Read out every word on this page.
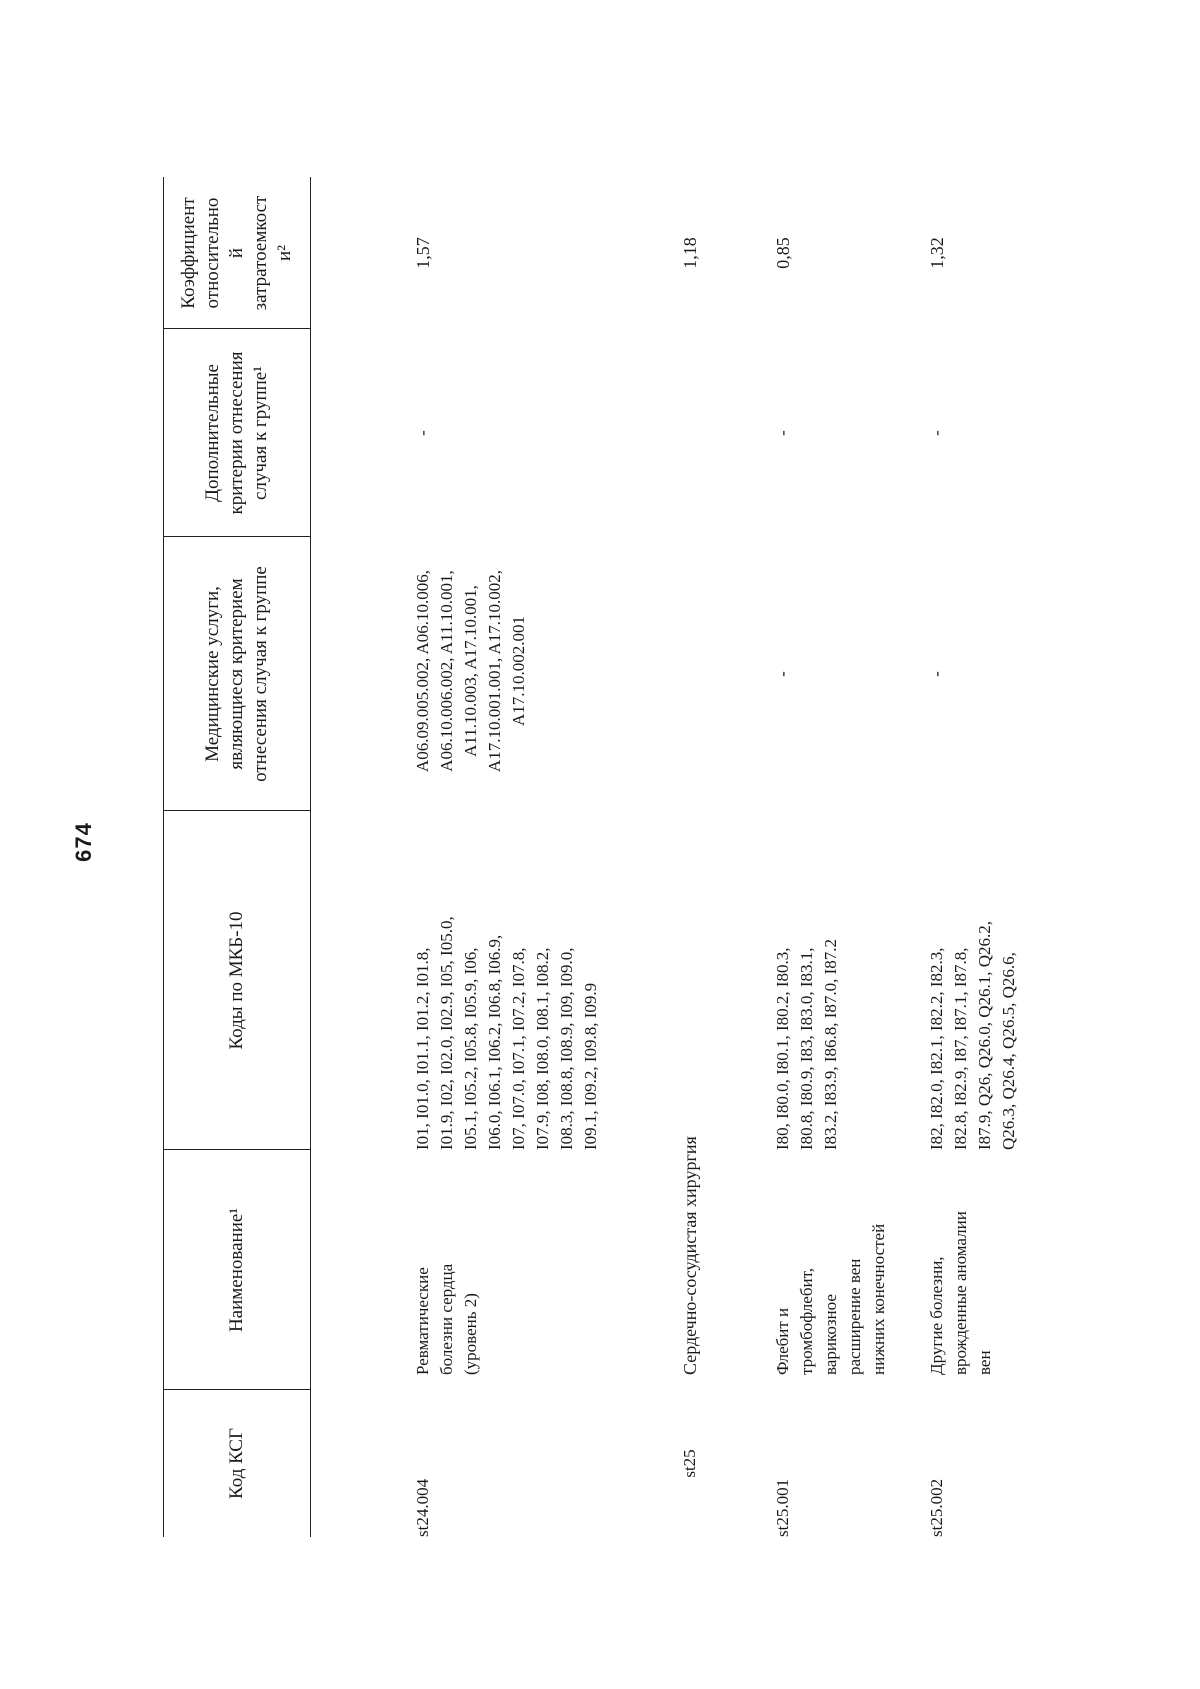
674
Код КСГ
Наименование¹
Коды по МКБ-10
Медицинские услуги, являющиеся критерием отнесения случая к группе
Дополнительные критерии отнесения случая к группе¹
Коэффициент относительно
й
затратоемкост
и²
st24.004
Ревматические
болезни сердца
(уровень 2)
I01, I01.0, I01.1, I01.2, I01.8,
I01.9, I02, I02.0, I02.9, I05, I05.0,
I05.1, I05.2, I05.8, I05.9, I06,
I06.0, I06.1, I06.2, I06.8, I06.9,
I07, I07.0, I07.1, I07.2, I07.8,
I07.9, I08, I08.0, I08.1, I08.2,
I08.3, I08.8, I08.9, I09, I09.0,
I09.1, I09.2, I09.8, I09.9
A06.09.005.002, A06.10.006,
A06.10.006.002, A11.10.001,
A11.10.003, A17.10.001,
A17.10.001.001, A17.10.002,
A17.10.002.001
-
1,57
st25
Сердечно-сосудистая хирургия
1,18
st25.001
Флебит и
тромбофлебит,
варикозное
расширение вен
нижних конечностей
I80, I80.0, I80.1, I80.2, I80.3,
I80.8, I80.9, I83, I83.0, I83.1,
I83.2, I83.9, I86.8, I87.0, I87.2
-
-
0,85
st25.002
Другие болезни,
врожденные аномалии
вен
I82, I82.0, I82.1, I82.2, I82.3,
I82.8, I82.9, I87, I87.1, I87.8,
I87.9, Q26, Q26.0, Q26.1, Q26.2,
Q26.3, Q26.4, Q26.5, Q26.6,
-
-
1,32
